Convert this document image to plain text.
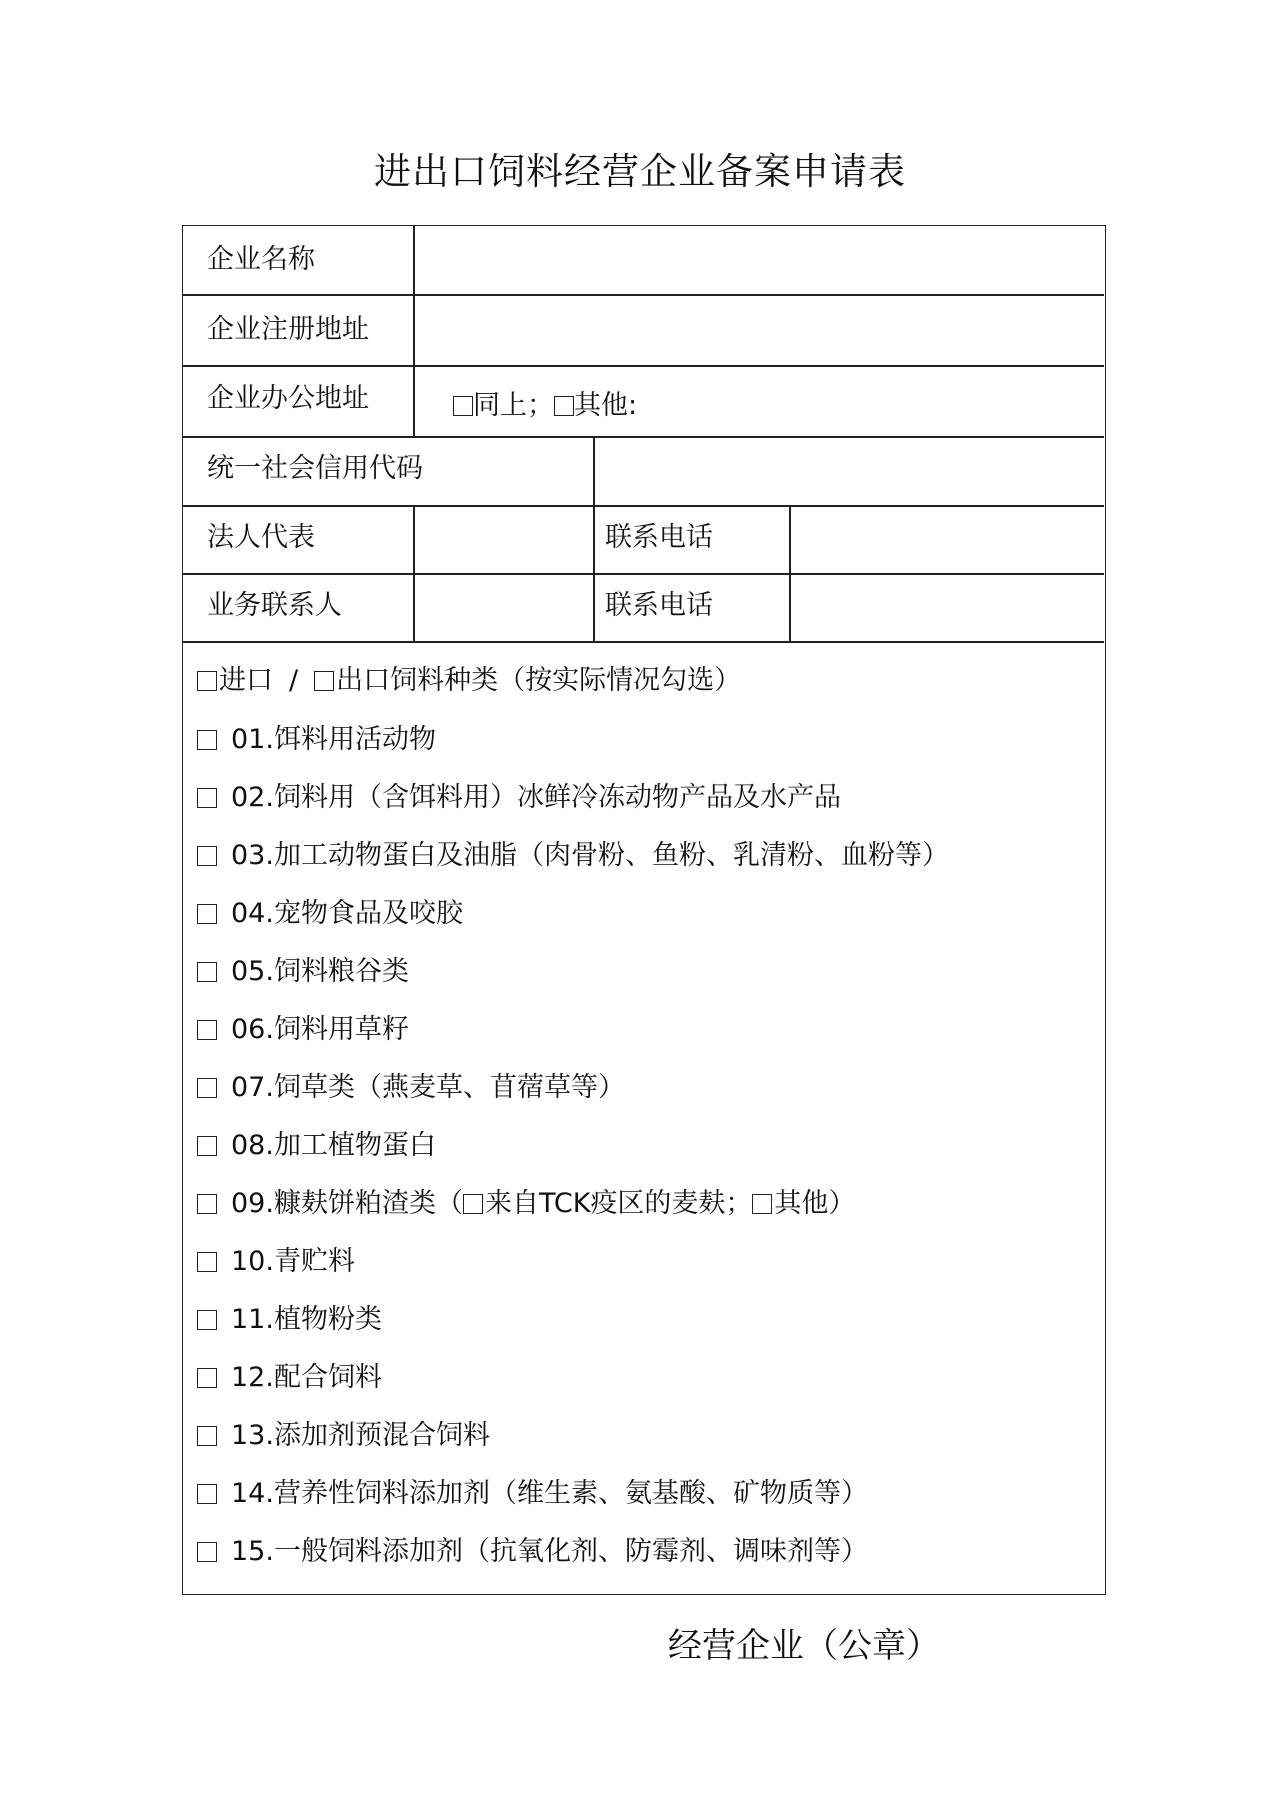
进出口饲料经营企业备案申请表
企业名称
企业注册地址
企业办公地址	同上； 其他:
统一社会信用代码
法人代表	联系电话
业务联系人	联系电话
进口 / 出口饲料种类（按实际情况勾选）
01.饵料用活动物
02.饲料用（含饵料用）冰鲜冷冻动物产品及水产品
03.加工动物蛋白及油脂（肉骨粉、鱼粉、乳清粉、血粉等）
04.宠物食品及咬胶
05.饲料粮谷类
06.饲料用草籽
07.饲草类（燕麦草、苜蓿草等）
08.加工植物蛋白
09.糠麸饼粕渣类（ 来自TCK疫区的麦麸； 其他）
10.青贮料
11.植物粉类
12.配合饲料
13.添加剂预混合饲料
14.营养性饲料添加剂（维生素、氨基酸、矿物质等）
15.一般饲料添加剂（抗氧化剂、防霉剂、调味剂等）
经营企业（公章）
